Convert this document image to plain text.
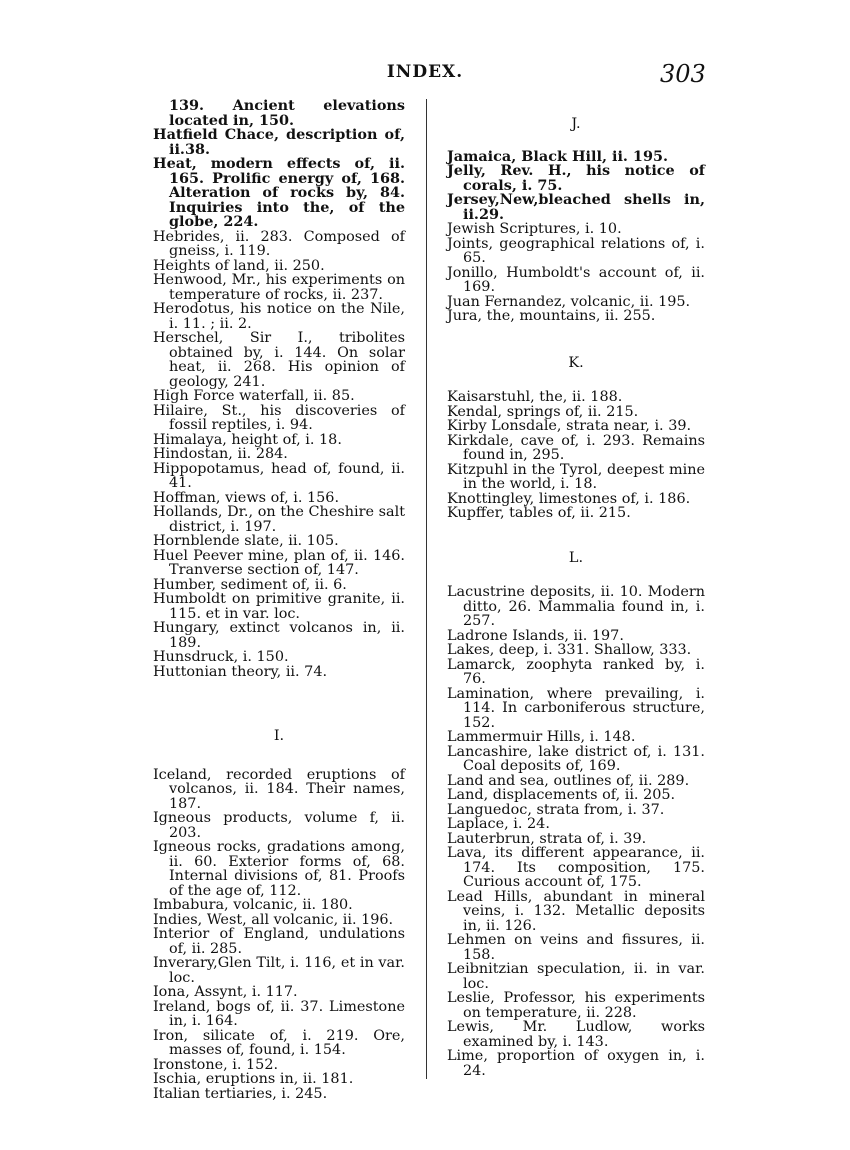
INDEX.	303

139. Ancient elevations located in, 150.

Hatfield Chace, description of, ii.38.

Heat, modern effects of, ii. 165. Prolific energy of, 168. Alteration of rocks by, 84. Inquiries into the, of the globe, 224.

Hebrides, ii. 283. Composed of gneiss, i. 119.

Heights of land, ii. 250.

Henwood, Mr., his experiments on temperature of rocks, ii. 237.

Herodotus, his notice on the Nile, i. 11. ; ii. 2.

Herschel, Sir I., tribolites obtained by, i. 144. On solar heat, ii. 268. His opinion of geology, 241.

High Force waterfall, ii. 85.

Hilaire, St., his discoveries of fossil reptiles, i. 94.

Himalaya, height of, i. 18.

Hindostan, ii. 284.

Hippopotamus, head of, found, ii. 41.

Hoffman, views of, i. 156.

Hollands, Dr., on the Cheshire salt district, i. 197.

Hornblende slate, ii. 105.

Huel Peever mine, plan of, ii. 146. Tranverse section of, 147.

Humber, sediment of, ii. 6.

Humboldt on primitive granite, ii. 115. et in var. loc.

Hungary, extinct volcanos in, ii. 189.

Hunsdruck, i. 150.

Huttonian theory, ii. 74.

I.

Iceland, recorded eruptions of volcanos, ii. 184. Their names, 187.

Igneous products, volume f, ii. 203.

Igneous rocks, gradations among, ii. 60. Exterior forms of, 68. Internal divisions of, 81. Proofs of the age of, 112.

Imbabura, volcanic, ii. 180.

Indies, West, all volcanic, ii. 196.

Interior of England, undulations of, ii. 285.

Inverary,Glen Tilt, i. 116, et in var. loc.

Iona, Assynt, i. 117.

Ireland, bogs of, ii. 37. Limestone in, i. 164.

Iron, silicate of, i. 219. Ore, masses of, found, i. 154.

Ironstone, i. 152.

Ischia, eruptions in, ii. 181.

Italian tertiaries, i. 245.

J.

Jamaica, Black Hill, ii. 195.

Jelly, Rev. H., his notice of corals, i. 75.

Jersey,New,bleached shells in, ii.29.

Jewish Scriptures, i. 10.

Joints, geographical relations of, i. 65.

Jonillo, Humboldt's account of, ii. 169.

Juan Fernandez, volcanic, ii. 195.

Jura, the, mountains, ii. 255.

K.

Kaisarstuhl, the, ii. 188.

Kendal, springs of, ii. 215.

Kirby Lonsdale, strata near, i. 39.

Kirkdale, cave of, i. 293. Remains found in, 295.

Kitzpuhl in the Tyrol, deepest mine in the world, i. 18.

Knottingley, limestones of, i. 186.

Kupffer, tables of, ii. 215.

L.

Lacustrine deposits, ii. 10. Modern ditto, 26. Mammalia found in, i. 257.

Ladrone Islands, ii. 197.

Lakes, deep, i. 331. Shallow, 333.

Lamarck, zoophyta ranked by, i. 76.

Lamination, where prevailing, i. 114. In carboniferous structure, 152.

Lammermuir Hills, i. 148.

Lancashire, lake district of, i. 131. Coal deposits of, 169.

Land and sea, outlines of, ii. 289.

Land, displacements of, ii. 205.

Languedoc, strata from, i. 37.

Laplace, i. 24.

Lauterbrun, strata of, i. 39.

Lava, its different appearance, ii. 174. Its composition, 175. Curious account of, 175.

Lead Hills, abundant in mineral veins, i. 132. Metallic deposits in, ii. 126.

Lehmen on veins and fissures, ii. 158.

Leibnitzian speculation, ii. in var. loc.

Leslie, Professor, his experiments on temperature, ii. 228.

Lewis, Mr. Ludlow, works examined by, i. 143.

Lime, proportion of oxygen in, i. 24.
